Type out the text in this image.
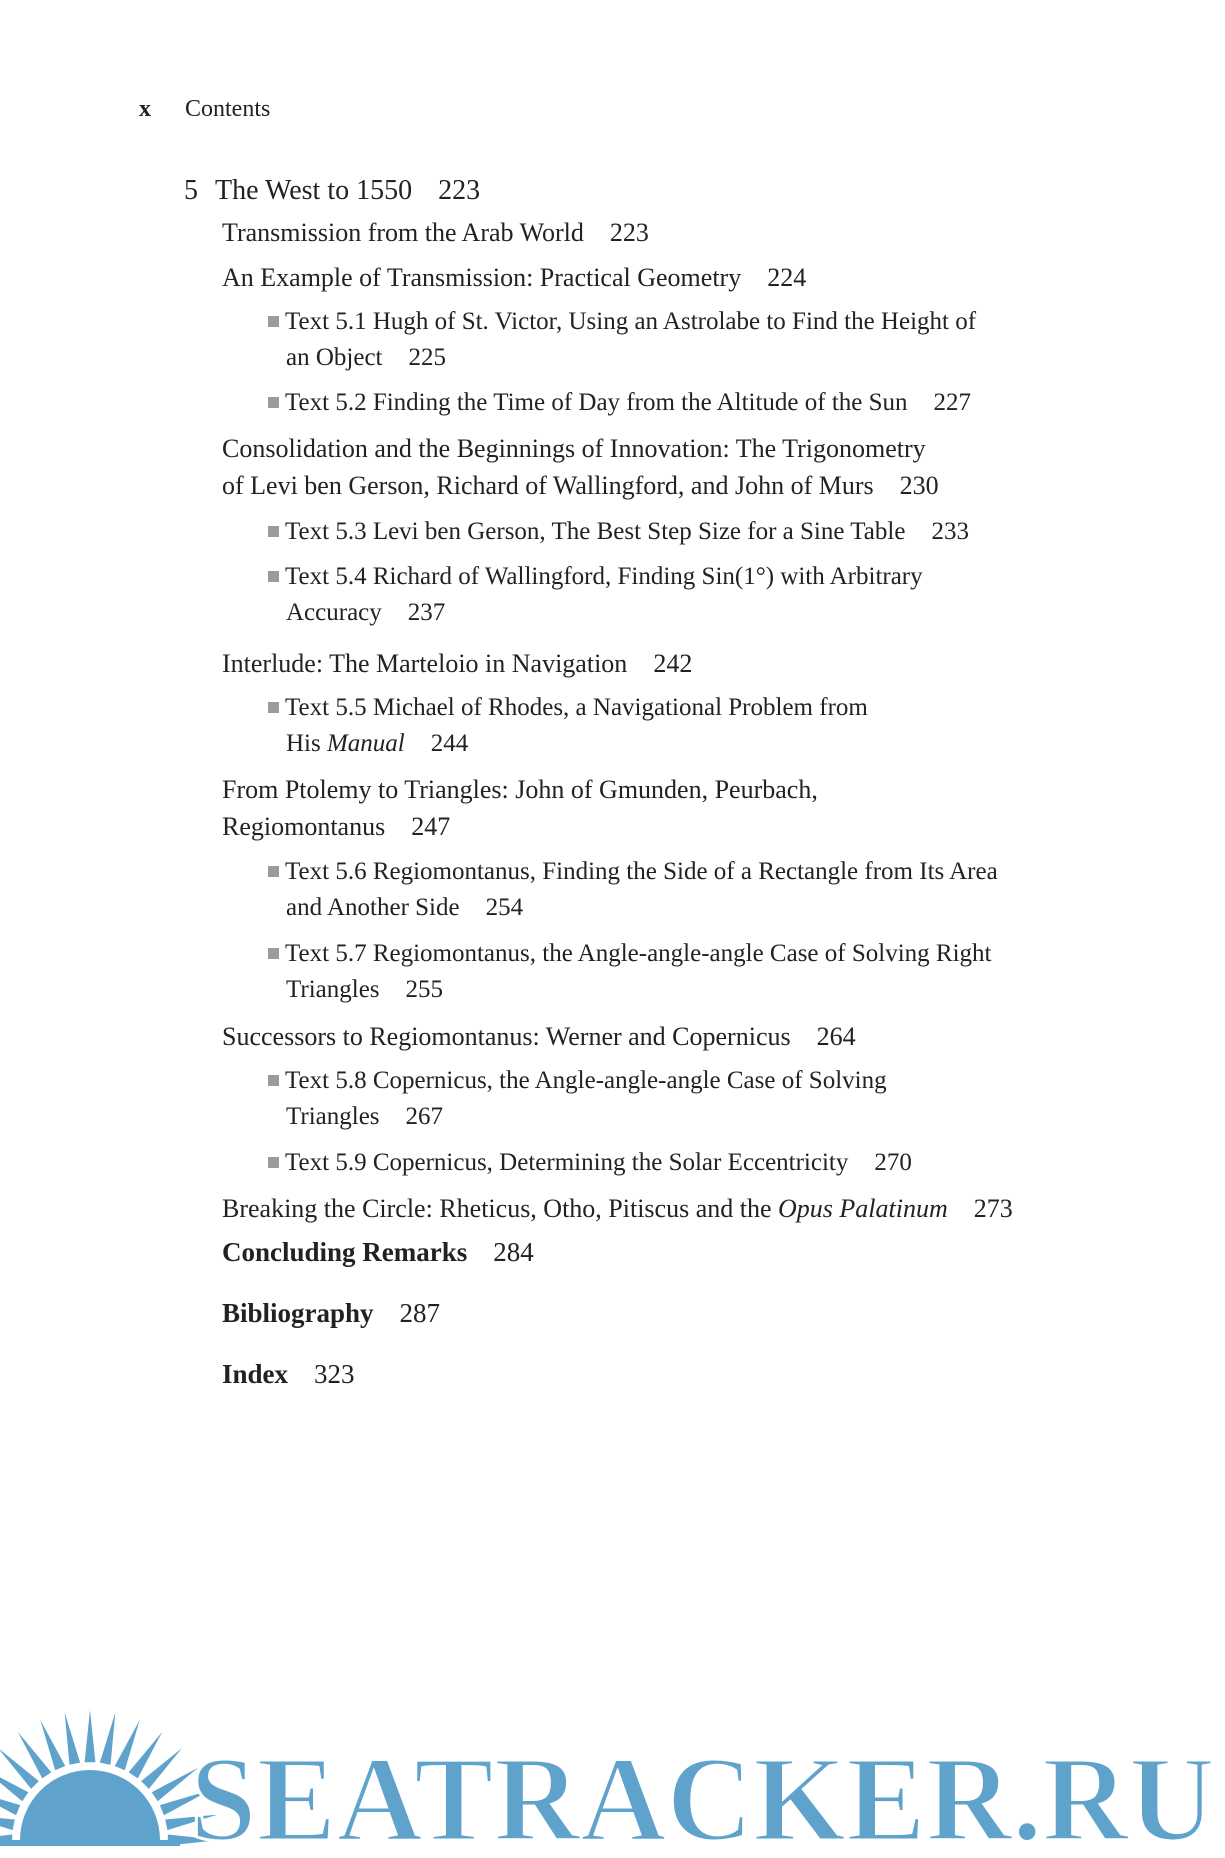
x Contents
5 The West to 1550 223
Transmission from the Arab World 223
An Example of Transmission: Practical Geometry 224
Text 5.1 Hugh of St. Victor, Using an Astrolabe to Find the Height of
an Object 225
Text 5.2 Finding the Time of Day from the Altitude of the Sun 227
Consolidation and the Beginnings of Innovation: The Trigonometry
of Levi ben Gerson, Richard of Wallingford, and John of Murs 230
Text 5.3 Levi ben Gerson, The Best Step Size for a Sine Table 233
Text 5.4 Richard of Wallingford, Finding Sin(1°) with Arbitrary
Accuracy 237
Interlude: The Marteloio in Navigation 242
Text 5.5 Michael of Rhodes, a Navigational Problem from
His Manual 244
From Ptolemy to Triangles: John of Gmunden, Peurbach,
Regiomontanus 247
Text 5.6 Regiomontanus, Finding the Side of a Rectangle from Its Area
and Another Side 254
Text 5.7 Regiomontanus, the Angle-angle-angle Case of Solving Right
Triangles 255
Successors to Regiomontanus: Werner and Copernicus 264
Text 5.8 Copernicus, the Angle-angle-angle Case of Solving
Triangles 267
Text 5.9 Copernicus, Determining the Solar Eccentricity 270
Breaking the Circle: Rheticus, Otho, Pitiscus and the Opus Palatinum 273
Concluding Remarks 284
Bibliography 287
Index 323
SEATRACKER.RU
